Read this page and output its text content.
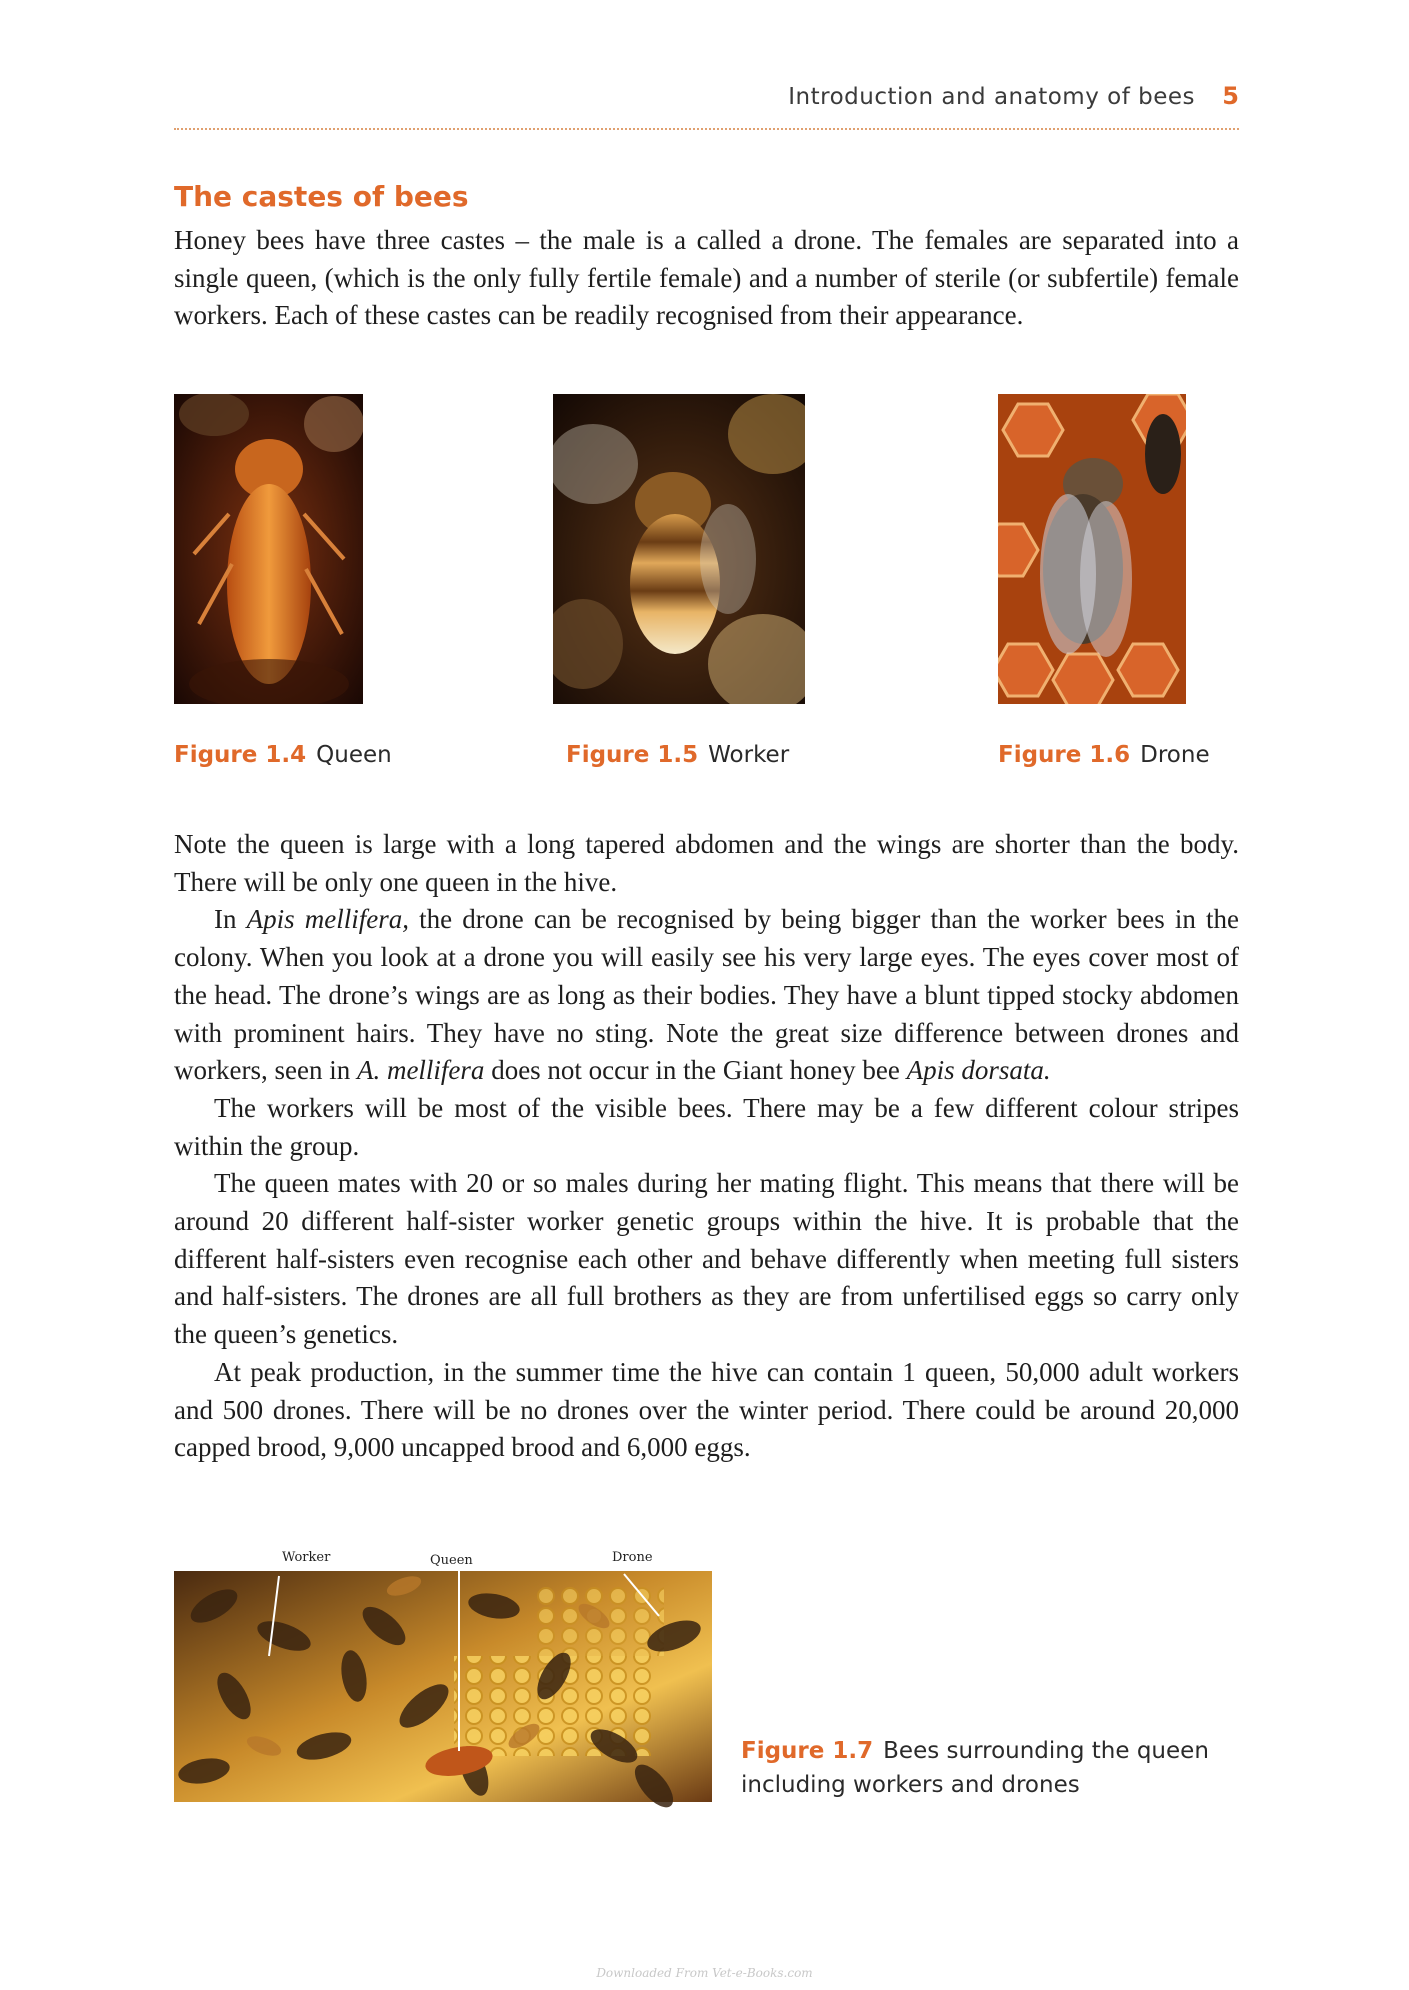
Introduction and anatomy of bees 5
The castes of bees

Honey bees have three castes – the male is a called a drone. The females are separated into a single queen, (which is the only fully fertile female) and a number of sterile (or subfertile) female workers. Each of these castes can be readily recognised from their appearance.

Figure 1.4 Queen	Figure 1.5 Worker	Figure 1.6 Drone

Note the queen is large with a long tapered abdomen and the wings are shorter than the body. There will be only one queen in the hive.

In Apis mellifera, the drone can be recognised by being bigger than the worker bees in the colony. When you look at a drone you will easily see his very large eyes. The eyes cover most of the head. The drone’s wings are as long as their bodies. They have a blunt tipped stocky abdomen with prominent hairs. They have no sting. Note the great size difference between drones and workers, seen in A. mellifera does not occur in the Giant honey bee Apis dorsata.

The workers will be most of the visible bees. There may be a few different colour stripes within the group.

The queen mates with 20 or so males during her mating flight. This means that there will be around 20 different half-sister worker genetic groups within the hive. It is probable that the different half-sisters even recognise each other and behave differently when meeting full sisters and half-sisters. The drones are all full brothers as they are from unfertilised eggs so carry only the queen’s genetics.

At peak production, in the summer time the hive can contain 1 queen, 50,000 adult workers and 500 drones. There will be no drones over the winter period. There could be around 20,000 capped brood, 9,000 uncapped brood and 6,000 eggs.

Worker	Queen	Drone
Figure 1.7 Bees surrounding the queen including workers and drones
Downloaded From Vet-e-Books.com
